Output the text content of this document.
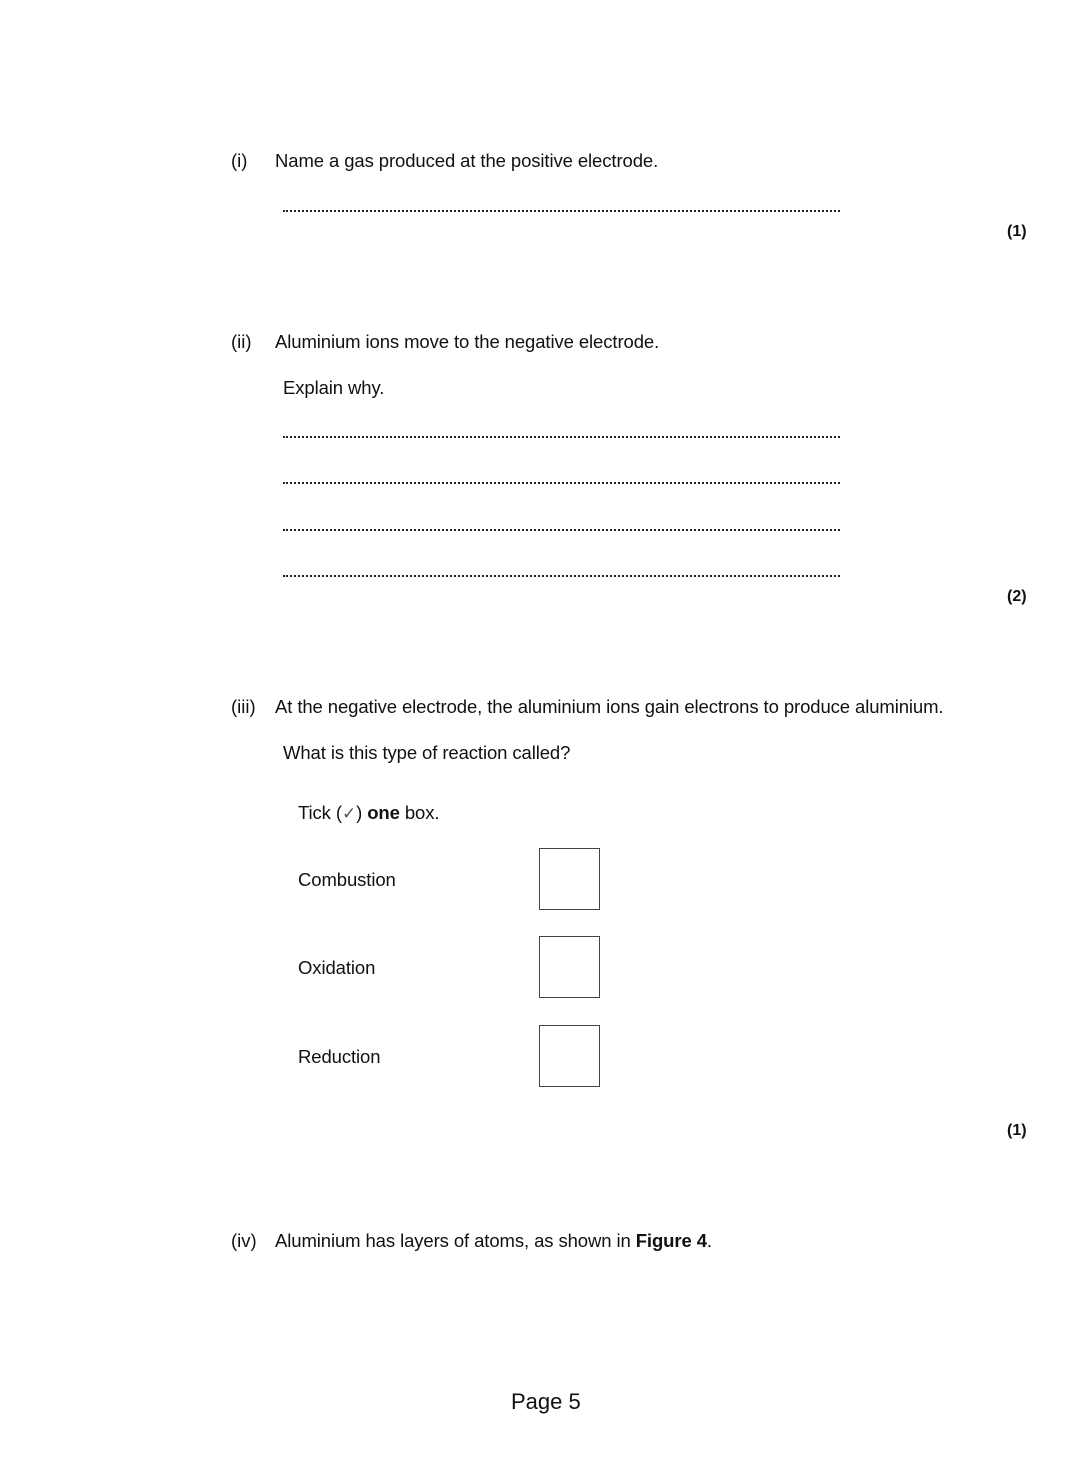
(i) Name a gas produced at the positive electrode.
(1)
(ii) Aluminium ions move to the negative electrode.
Explain why.
(2)
(iii) At the negative electrode, the aluminium ions gain electrons to produce aluminium.
What is this type of reaction called?
Tick (✓) one box.
Combustion
Oxidation
Reduction
(1)
(iv) Aluminium has layers of atoms, as shown in Figure 4.
Page 5
